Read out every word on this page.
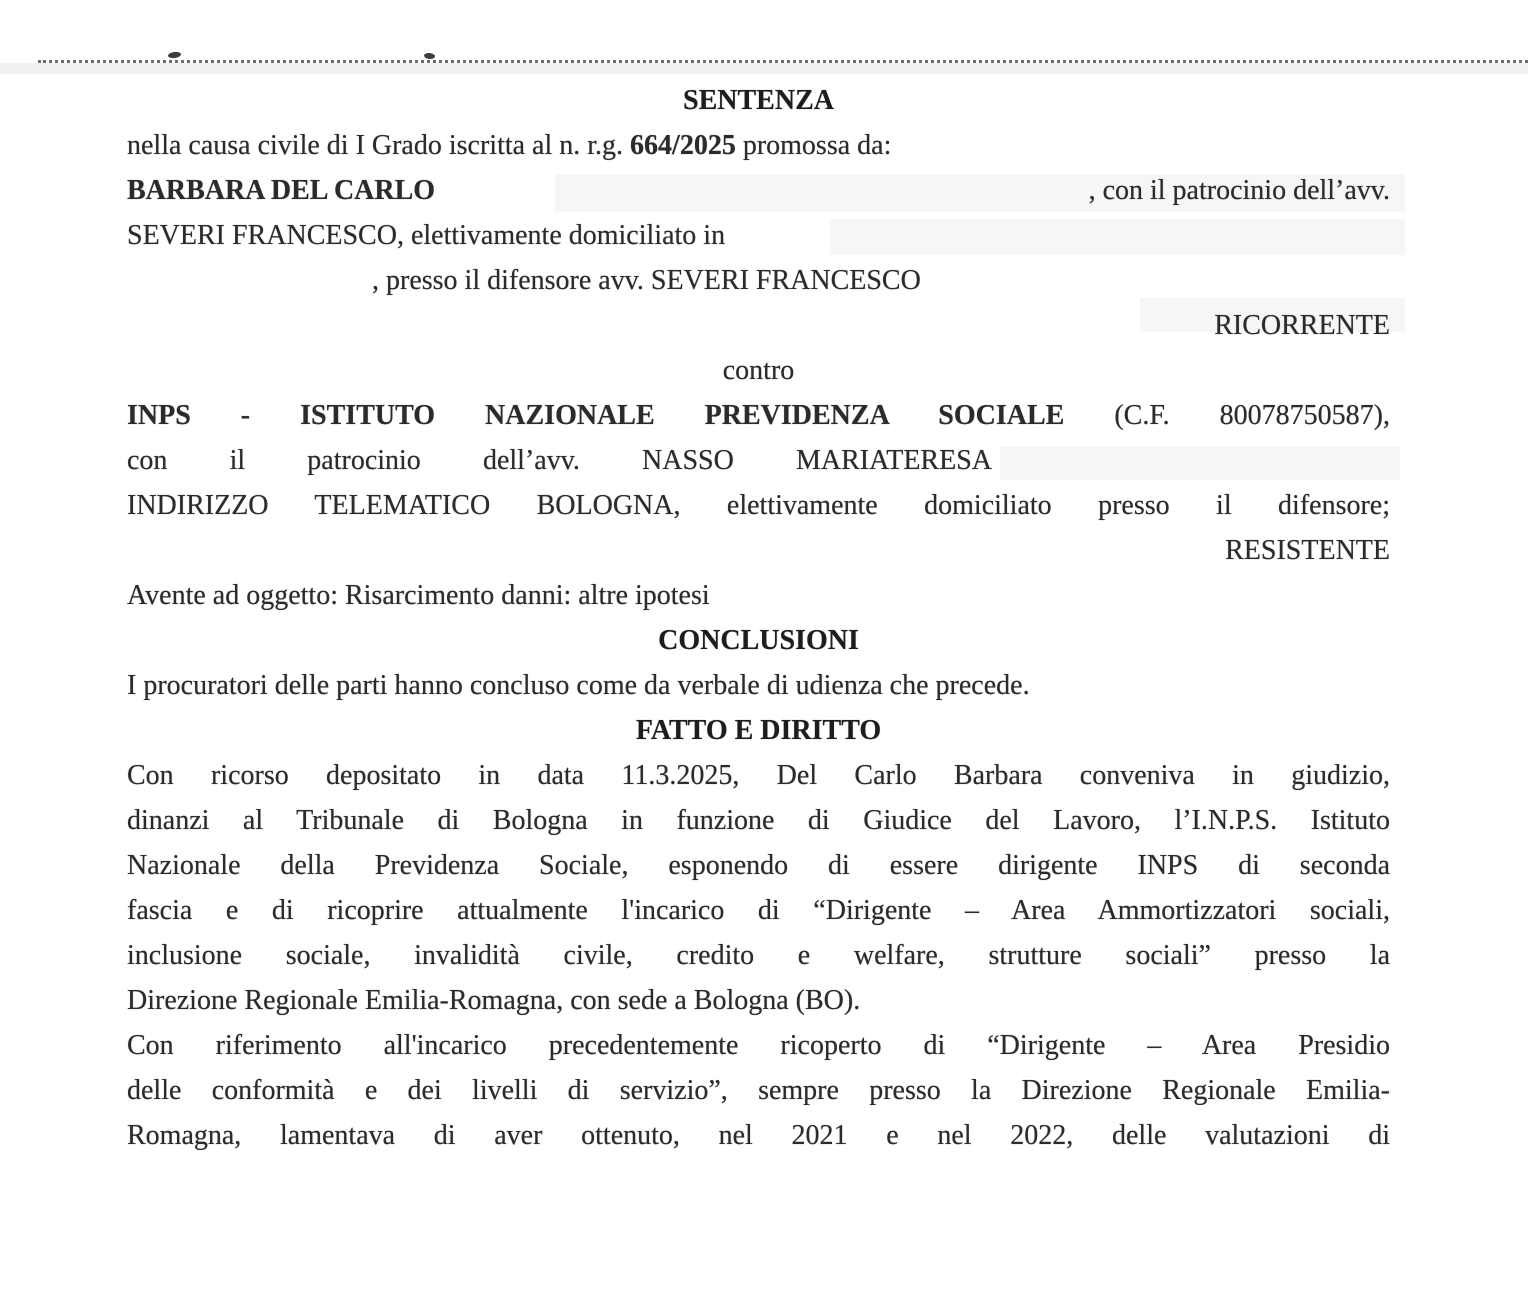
SENTENZA
nella causa civile di I Grado iscritta al n. r.g. 664/2025 promossa da:
BARBARA DEL CARLO	, con il patrocinio dell’avv.
SEVERI FRANCESCO, elettivamente domiciliato in
, presso il difensore avv. SEVERI FRANCESCO
RICORRENTE
contro
INPS - ISTITUTO NAZIONALE PREVIDENZA SOCIALE (C.F. 80078750587),
con il patrocinio dell’avv. NASSO MARIATERESA
INDIRIZZO TELEMATICO BOLOGNA, elettivamente domiciliato presso il difensore;
RESISTENTE
Avente ad oggetto: Risarcimento danni: altre ipotesi
CONCLUSIONI
I procuratori delle parti hanno concluso come da verbale di udienza che precede.
FATTO E DIRITTO
Con ricorso depositato in data 11.3.2025, Del Carlo Barbara conveniva in giudizio,
dinanzi al Tribunale di Bologna in funzione di Giudice del Lavoro, l’I.N.P.S. Istituto
Nazionale della Previdenza Sociale, esponendo di essere dirigente INPS di seconda
fascia e di ricoprire attualmente l'incarico di “Dirigente – Area Ammortizzatori sociali,
inclusione sociale, invalidità civile, credito e welfare, strutture sociali” presso la
Direzione Regionale Emilia-Romagna, con sede a Bologna (BO).
Con riferimento all'incarico precedentemente ricoperto di “Dirigente – Area Presidio
delle conformità e dei livelli di servizio”, sempre presso la Direzione Regionale Emilia-
Romagna, lamentava di aver ottenuto, nel 2021 e nel 2022, delle valutazioni di
